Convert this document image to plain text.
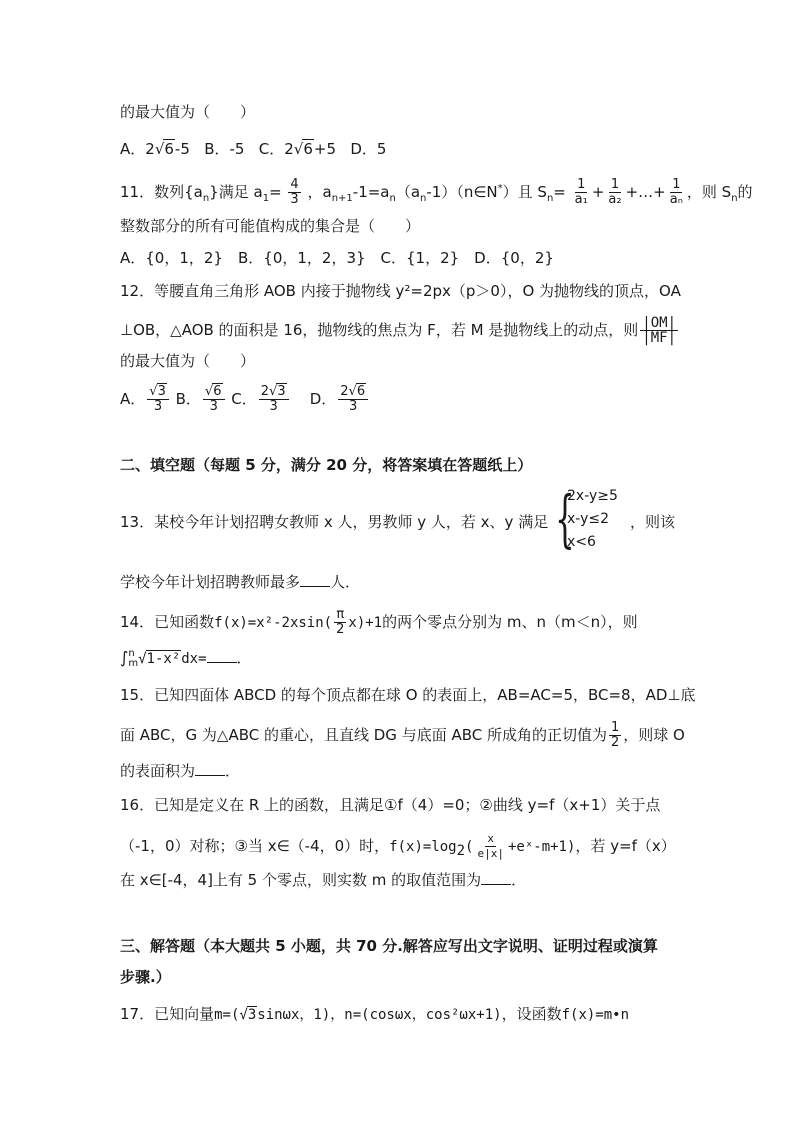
的最大值为（　　）
A．2√6-5 B．-5 C．2√6+5 D．5
11．数列$\{a_n\}$满足 $a_1= \frac{4}{3}$ ，$a_{n+1}-1=a_n(a_n-1)(n\in N^*)$且 $S_n= \frac{1}{\text{a₁}} + \frac{1}{\text{a₂}}$ +…+ $\frac{1}{\text{aₙ}}$ ，则 $S_n$的
整数部分的所有可能值构成的集合是（　　）
A．{0，1，2}　B．{0，1，2，3}　C．{1，2}　D．{0，2}
12．等腰直角三角形 AOB 内接于抛物线 y²=2px（p＞0），O 为抛物线的顶点，OA
⊥OB，△AOB 的面积是 16，抛物线的焦点为 F，若 M 是抛物线上的动点，则 $\frac{|OM|}{|MF|}$
的最大值为（　　）
A． $\frac{√3}{3}$ B． $\frac{√6}{3}$ C． $\frac{2√3}{3}$ D． $\frac{2√6}{3}$
二、填空题（每题 5 分，满分 20 分，将答案填在答题纸上）
13．某校今年计划招聘女教师 x 人，男教师 y 人，若 x、y 满足 {
2x-y≥5
x-y≤2
x<6
，则该
学校今年计划招聘教师最多 人．
14．已知函数$f(x)=x^2-2xsin( \frac{\pi}{2} x)+1$的两个零点分别为 m、n（m＜n），则
∫ n
m √1-x²dx= ．
15．已知四面体 ABCD 的每个顶点都在球 O 的表面上，AB=AC=5，BC=8，AD⊥底
面 ABC，G 为△ABC 的重心，且直线 DG 与底面 ABC 所成角的正切值为 $\frac{1}{2}$ ，则球 O
的表面积为 ．
16．已知是定义在 R 上的函数，且满足①f（4）=0；②曲线 y=f（x+1）关于点
（-1，0）对称；③当 x∈（-4，0）时，$f(x)=\log_2( \frac{x}{e|x|}$ +eˣ-m+1)，若 y=f（x）
在 x∈[-4，4]上有 5 个零点，则实数 m 的取值范围为 ．
三、解答题（本大题共 5 小题，共 70 分.解答应写出文字说明、证明过程或演算
步骤.）
17．已知向量m=(√3sinωx，1)，n=(cosωx，cos²ωx+1)，设函数f(x)=m•n
